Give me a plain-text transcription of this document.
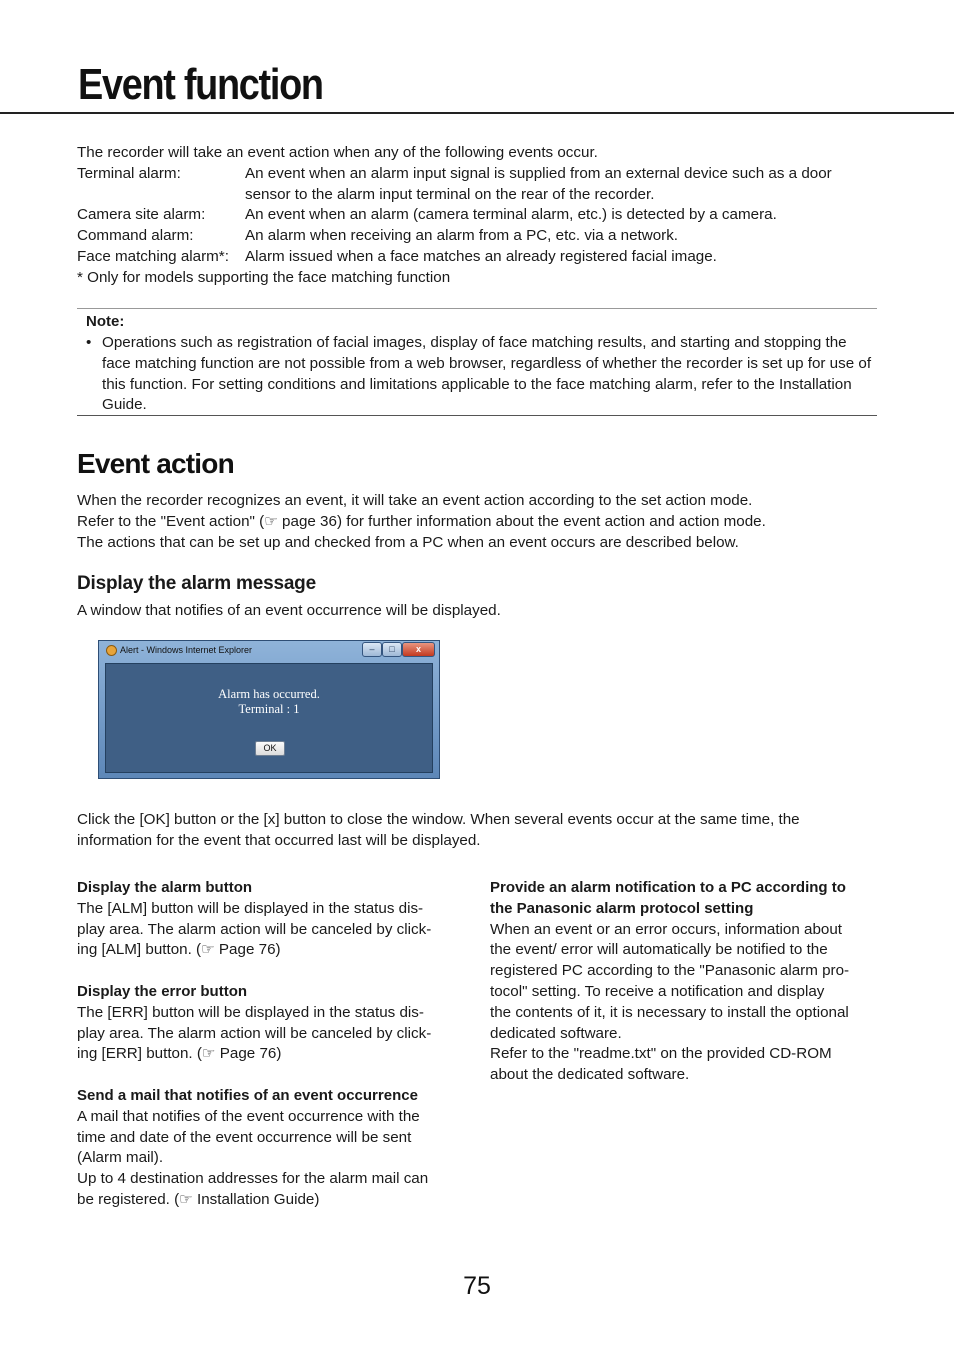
Event function
The recorder will take an event action when any of the following events occur.
Terminal alarm:	An event when an alarm input signal is supplied from an external device such as a door sensor to the alarm input terminal on the rear of the recorder.
Camera site alarm:	An event when an alarm (camera terminal alarm, etc.) is detected by a camera.
Command alarm:	An alarm when receiving an alarm from a PC, etc. via a network.
Face matching alarm*:	Alarm issued when a face matches an already registered facial image.
* Only for models supporting the face matching function
Note:
• Operations such as registration of facial images, display of face matching results, and starting and stopping the face matching function are not possible from a web browser, regardless of whether the recorder is set up for use of this function. For setting conditions and limitations applicable to the face matching alarm, refer to the Installation Guide.
Event action
When the recorder recognizes an event, it will take an event action according to the set action mode.
Refer to the "Event action" (☞ page 36) for further information about the event action and action mode.
The actions that can be set up and checked from a PC when an event occurs are described below.
Display the alarm message
A window that notifies of an event occurrence will be displayed.
Alert - Windows Internet Explorer	–	□	x
Alarm has occurred.
Terminal : 1
OK
Click the [OK] button or the [x] button to close the window. When several events occur at the same time, the information for the event that occurred last will be displayed.
Display the alarm button
The [ALM] button will be displayed in the status dis-
play area. The alarm action will be canceled by click-
ing [ALM] button. (☞ Page 76)
Display the error button
The [ERR] button will be displayed in the status dis-
play area. The alarm action will be canceled by click-
ing [ERR] button. (☞ Page 76)
Send a mail that notifies of an event occurrence
A mail that notifies of the event occurrence with the
time and date of the event occurrence will be sent
(Alarm mail).
Up to 4 destination addresses for the alarm mail can
be registered. (☞ Installation Guide)
Provide an alarm notification to a PC according to
the Panasonic alarm protocol setting
When an event or an error occurs, information about
the event/ error will automatically be notified to the
registered PC according to the "Panasonic alarm pro-
tocol" setting. To receive a notification and display
the contents of it, it is necessary to install the optional
dedicated software.
Refer to the "readme.txt" on the provided CD-ROM
about the dedicated software.
75
